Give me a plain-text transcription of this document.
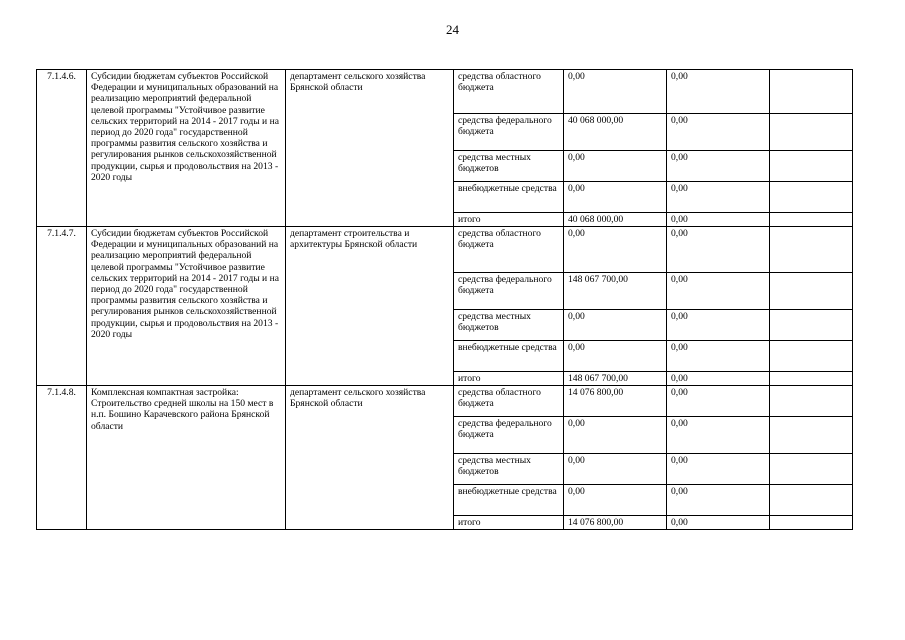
24
7.1.4.6.	Субсидии бюджетам субъектов Российской Федерации и муниципальных образований на реализацию мероприятий федеральной целевой программы "Устойчивое развитие сельских территорий на 2014 - 2017 годы и на период до 2020 года" государственной программы развития сельского хозяйства и регулирования рынков сельскохозяйственной продукции, сырья и продовольствия на 2013 - 2020 годы	департамент сельского хозяйства Брянской области	средства областного бюджета	0,00	0,00	
			средства федерального бюджета	40 068 000,00	0,00	
			средства местных бюджетов	0,00	0,00	
			внебюджетные средства	0,00	0,00	
			итого	40 068 000,00	0,00	
7.1.4.7.	Субсидии бюджетам субъектов Российской Федерации и муниципальных образований на реализацию мероприятий федеральной целевой программы "Устойчивое развитие сельских территорий на 2014 - 2017 годы и на период до 2020 года" государственной программы развития сельского хозяйства и регулирования рынков сельскохозяйственной продукции, сырья и продовольствия на 2013 - 2020 годы	департамент строительства и архитектуры Брянской области	средства областного бюджета	0,00	0,00	
			средства федерального бюджета	148 067 700,00	0,00	
			средства местных бюджетов	0,00	0,00	
			внебюджетные средства	0,00	0,00	
			итого	148 067 700,00	0,00	
7.1.4.8.	Комплексная компактная застройка: Строительство средней школы на 150 мест в н.п. Бошино Карачевского района Брянской области	департамент сельского хозяйства Брянской области	средства областного бюджета	14 076 800,00	0,00	
			средства федерального бюджета	0,00	0,00	
			средства местных бюджетов	0,00	0,00	
			внебюджетные средства	0,00	0,00	
			итого	14 076 800,00	0,00	
